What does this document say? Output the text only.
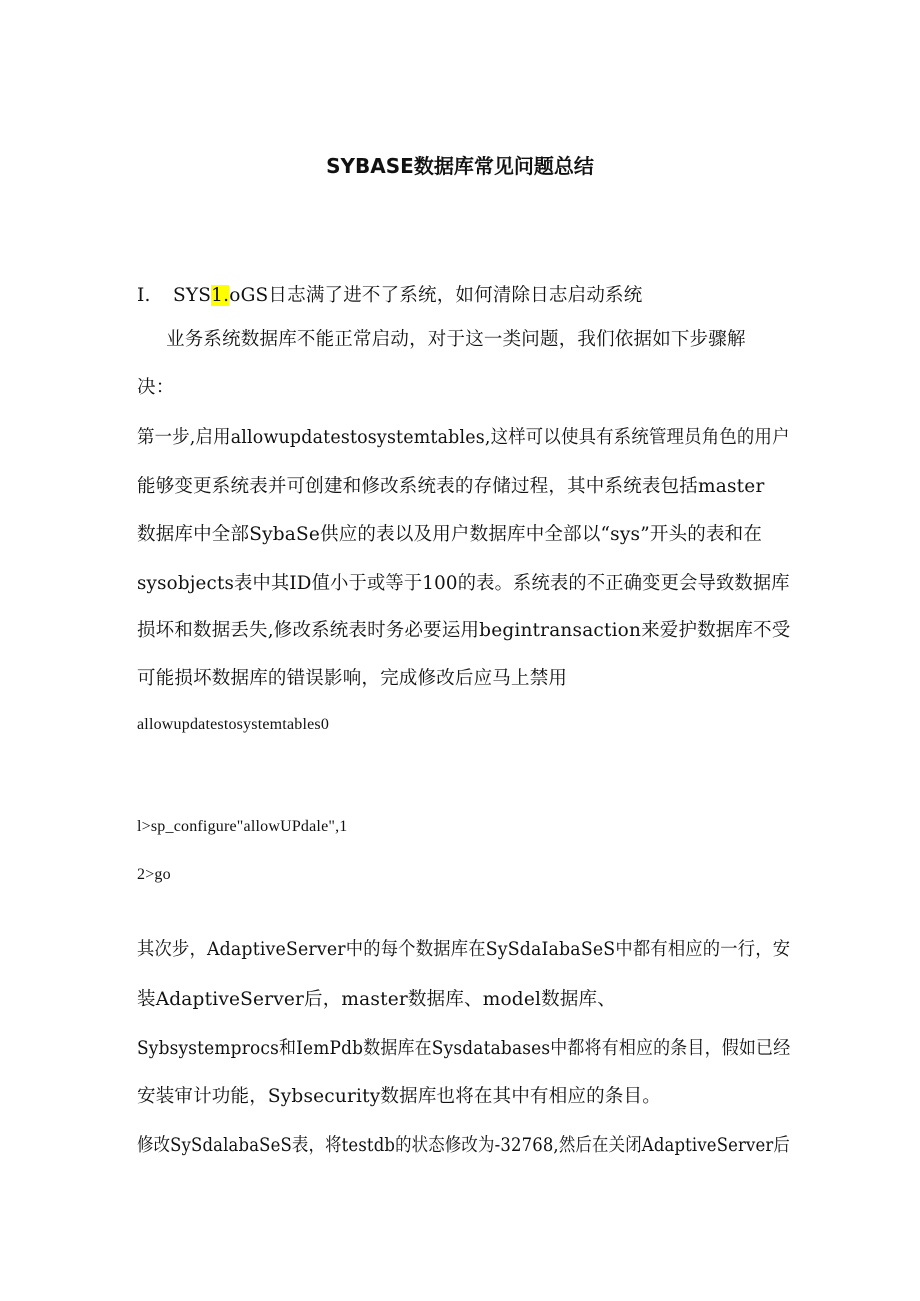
SYBASE数据库常见问题总结
I. SYS1.oGS日志满了进不了系统，如何清除日志启动系统
业务系统数据库不能正常启动，对于这一类问题，我们依据如下步骤解
决：
第一步,启用allowupdatestosystemtables,这样可以使具有系统管理员角色的用户
能够变更系统表并可创建和修改系统表的存储过程，其中系统表包括master
数据库中全部SybaSe供应的表以及用户数据库中全部以“sys”开头的表和在
sysobjects表中其ID值小于或等于100的表。系统表的不正确变更会导致数据库
损坏和数据丢失,修改系统表时务必要运用begintransaction来爱护数据库不受
可能损坏数据库的错误影响，完成修改后应马上禁用
allowupdatestosystemtables0
l>sp_configure"allowUPdale",1
2>go
其次步，AdaptiveServer中的每个数据库在SySdaIabaSeS中都有相应的一行，安
装AdaptiveServer后，master数据库、model数据库、
Sybsystemprocs和IemPdb数据库在Sysdatabases中都将有相应的条目，假如已经
安装审计功能，Sybsecurity数据库也将在其中有相应的条目。
修改SySdalabaSeS表，将testdb的状态修改为-32768,然后在关闭AdaptiveServer后
